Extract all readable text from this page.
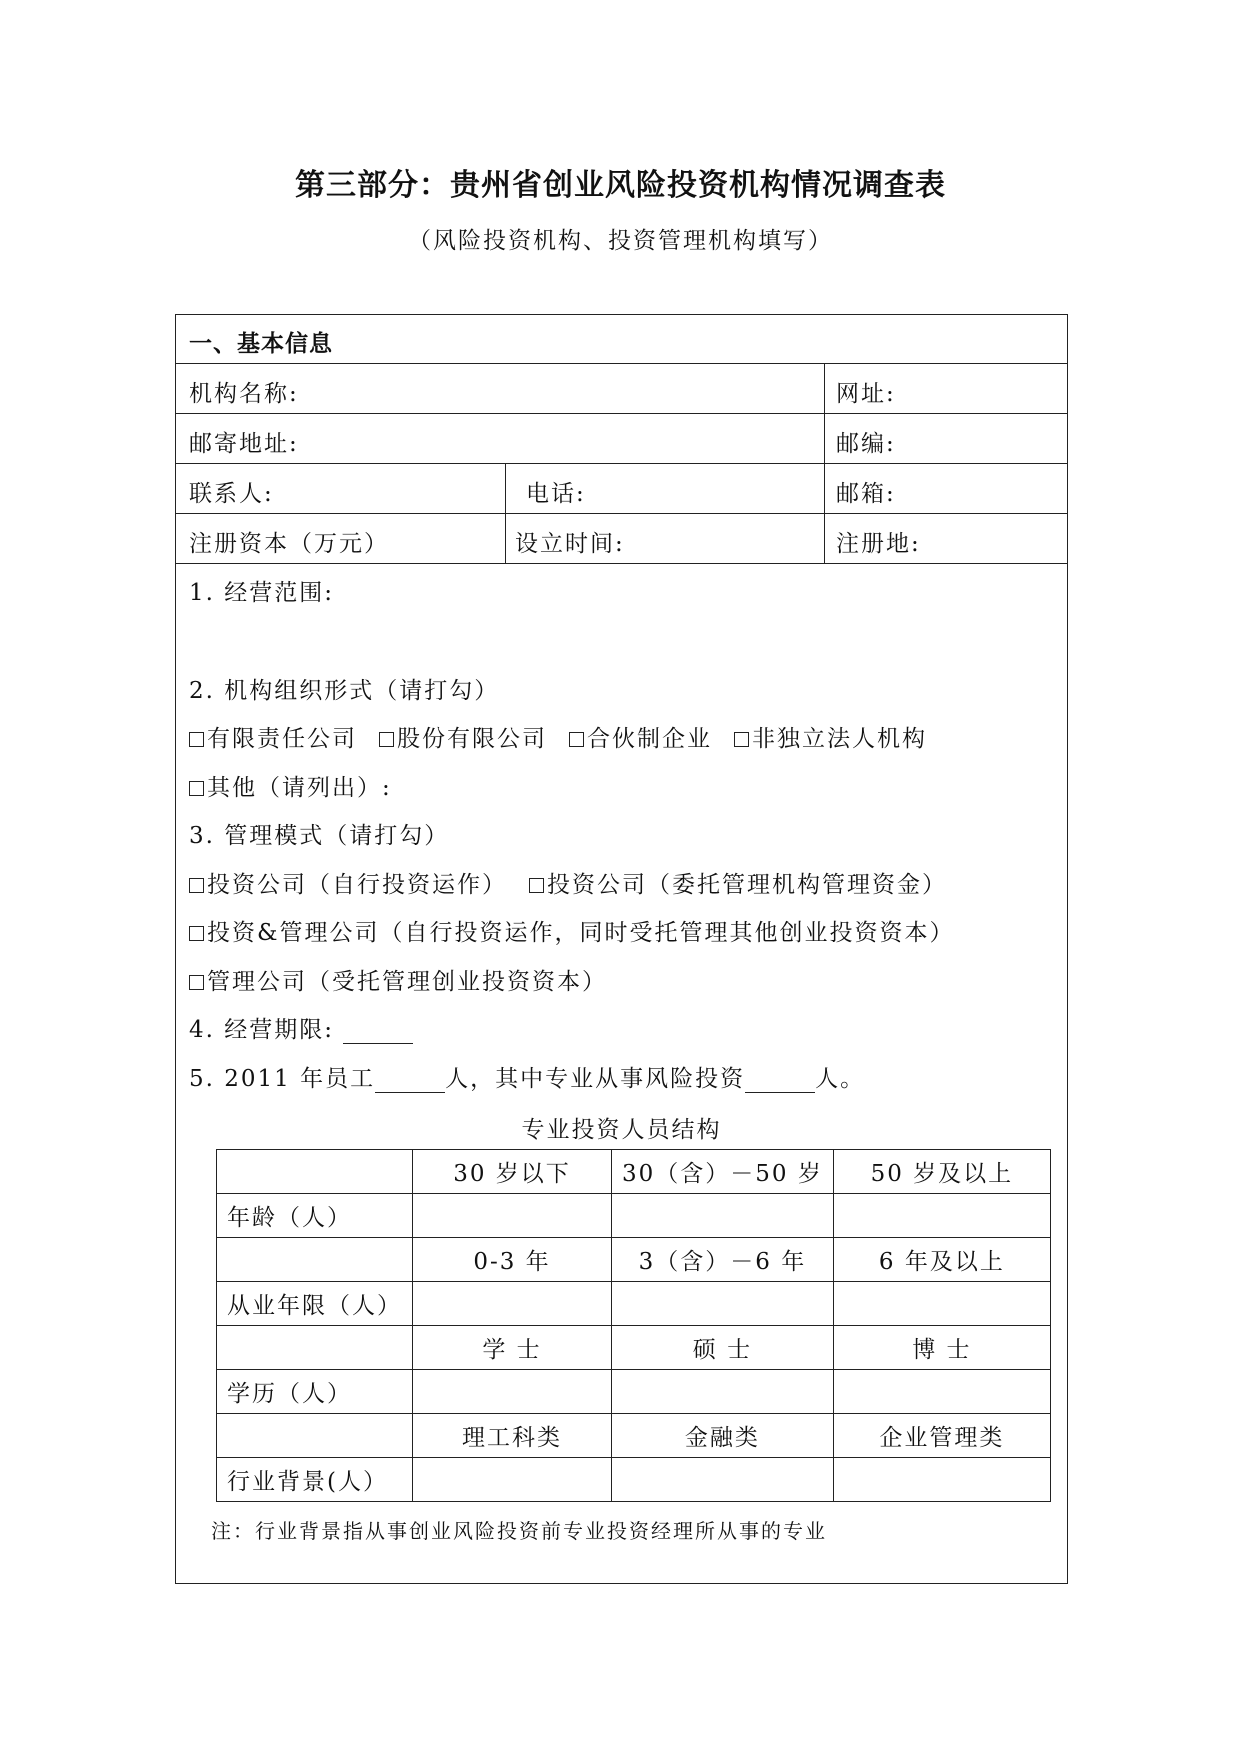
第三部分：贵州省创业风险投资机构情况调查表
（风险投资机构、投资管理机构填写）
一、基本信息
机构名称:	网址:
邮寄地址:	邮编:
联系人:	电话:	邮箱:
注册资本（万元）	设立时间:	注册地:
1. 经营范围:
2. 机构组织形式（请打勾）
有限责任公司 股份有限公司 合伙制企业 非独立法人机构
其他（请列出）:
3. 管理模式（请打勾）
投资公司（自行投资运作） 投资公司（委托管理机构管理资金）
投资&管理公司（自行投资运作，同时受托管理其他创业投资资本）
管理公司（受托管理创业投资资本）
4. 经营期限:
5. 2011 年员工	人，其中专业从事风险投资	人。
专业投资人员结构
	30 岁以下	30（含）－50 岁	50 岁及以上
年龄（人）			
	0-3 年	3（含）－6 年	6 年及以上
从业年限（人）			
	学 士	硕 士	博 士
学历（人）			
	理工科类	金融类	企业管理类
行业背景(人）			
注：行业背景指从事创业风险投资前专业投资经理所从事的专业
